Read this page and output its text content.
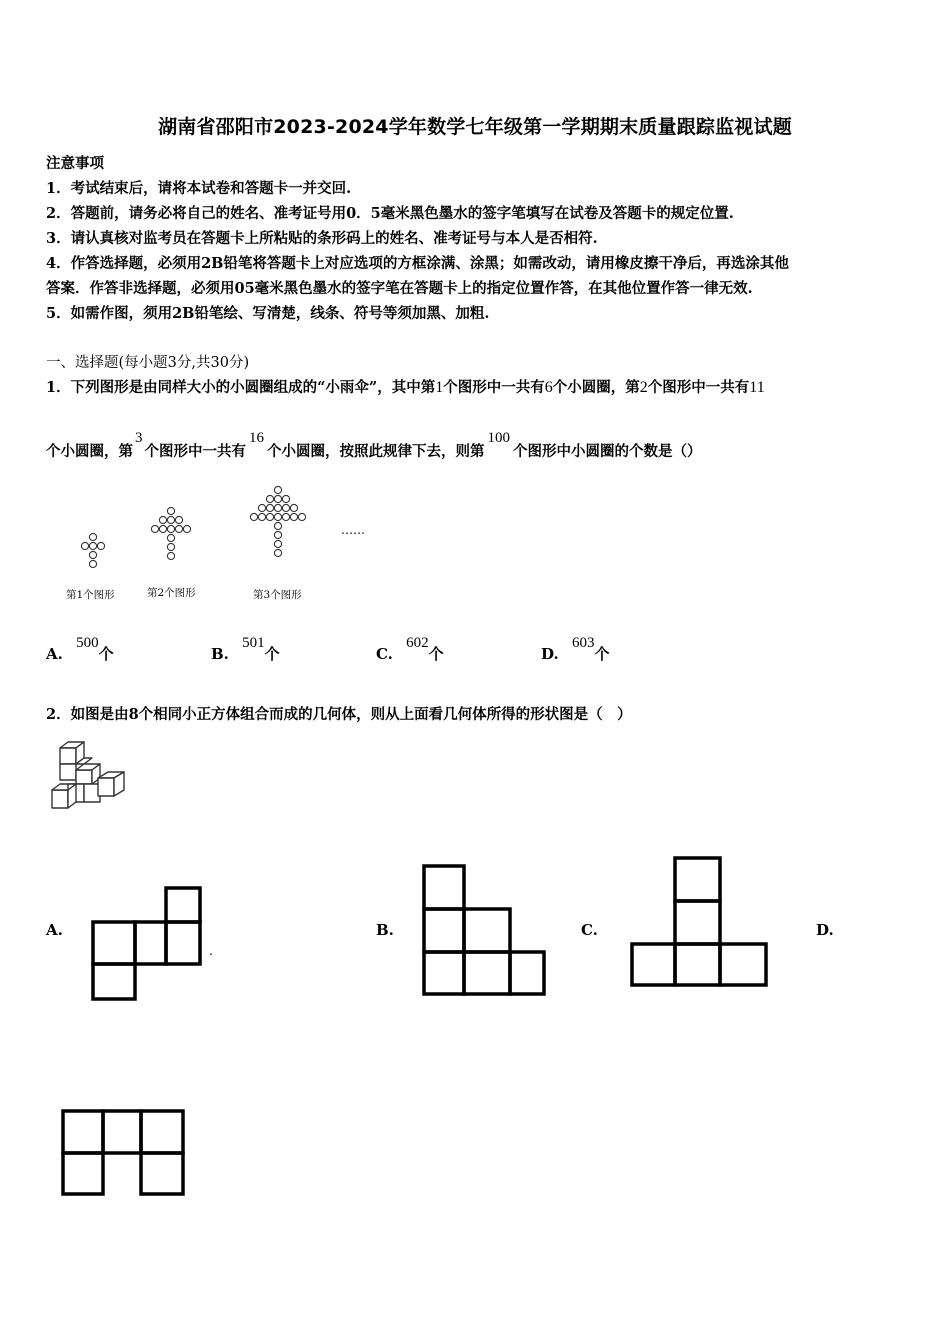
湖南省邵阳市2023-2024学年数学七年级第一学期期末质量跟踪监视试题
注意事项
1．考试结束后，请将本试卷和答题卡一并交回.
2．答题前，请务必将自己的姓名、准考证号用0．5毫米黑色墨水的签字笔填写在试卷及答题卡的规定位置.
3．请认真核对监考员在答题卡上所粘贴的条形码上的姓名、准考证号与本人是否相符.
4．作答选择题，必须用2B铅笔将答题卡上对应选项的方框涂满、涂黑；如需改动，请用橡皮擦干净后，再选涂其他
答案．作答非选择题，必须用05毫米黑色墨水的签字笔在答题卡上的指定位置作答，在其他位置作答一律无效.
5．如需作图，须用2B铅笔绘、写清楚，线条、符号等须加黑、加粗.
一、选择题(每小题3分,共30分)
1．下列图形是由同样大小的小圆圈组成的“小雨伞”，其中第1个图形中一共有6个小圆圈，第2个图形中一共有11
个小圆圈，第3个图形中一共有16个小圆圈，按照此规律下去，则第100个图形中小圆圈的个数是（）
第1个图形	第2个图形	第3个图形
……
A. 500个	B. 501个	C. 602个	D. 603个
2．如图是由8个相同小正方体组合而成的几何体，则从上面看几何体所得的形状图是（　）
A.	B.	C.	D.
.
